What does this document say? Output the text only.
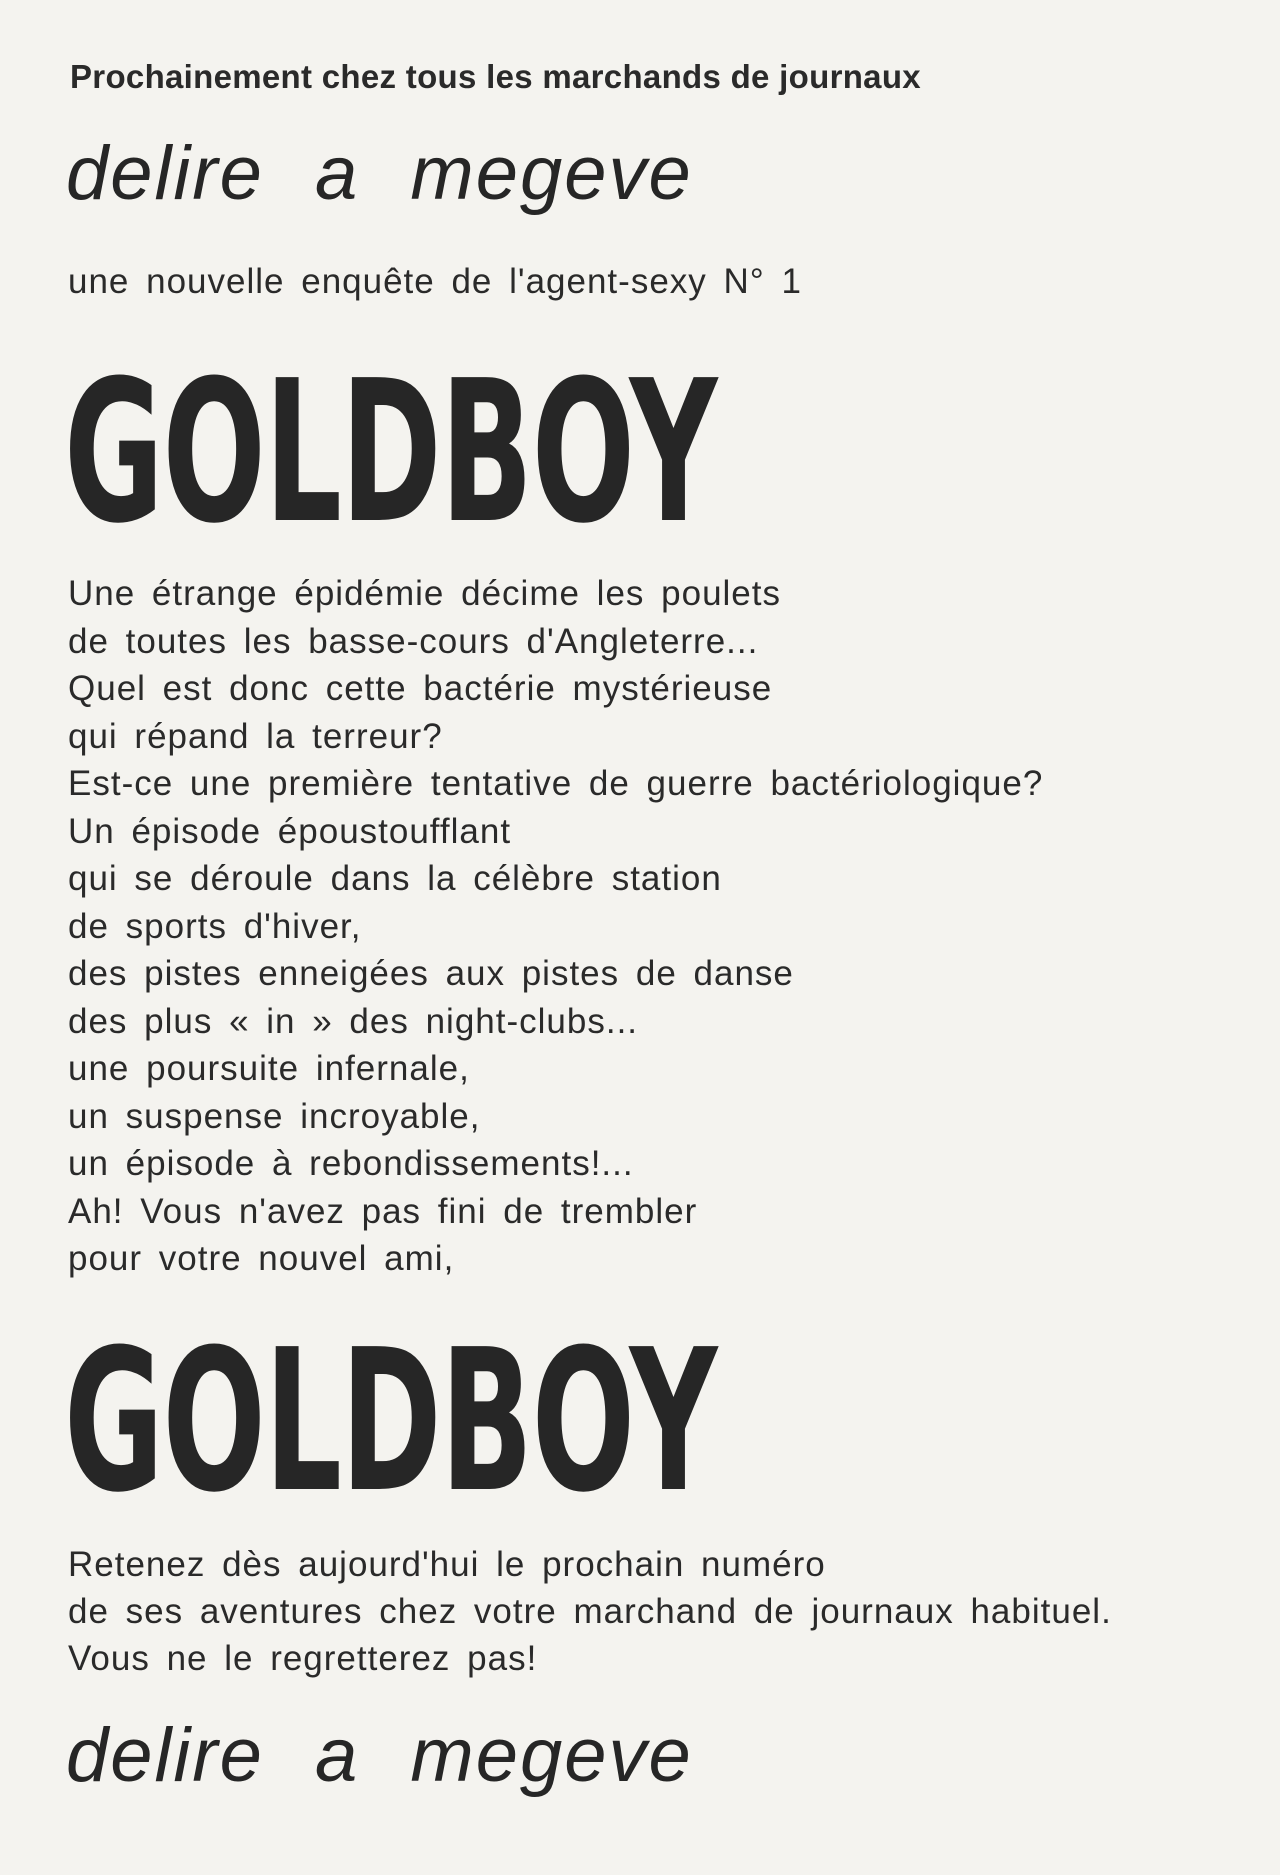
Prochainement chez tous les marchands de journaux
delire a megeve
une nouvelle enquête de l'agent-sexy N° 1
GOLDBOY
Une étrange épidémie décime les poulets
de toutes les basse-cours d'Angleterre...
Quel est donc cette bactérie mystérieuse
qui répand la terreur?
Est-ce une première tentative de guerre bactériologique?
Un épisode époustoufflant
qui se déroule dans la célèbre station
de sports d'hiver,
des pistes enneigées aux pistes de danse
des plus « in » des night-clubs...
une poursuite infernale,
un suspense incroyable,
un épisode à rebondissements!...
Ah! Vous n'avez pas fini de trembler
pour votre nouvel ami,
GOLDBOY
Retenez dès aujourd'hui le prochain numéro
de ses aventures chez votre marchand de journaux habituel.
Vous ne le regretterez pas!
delire a megeve
